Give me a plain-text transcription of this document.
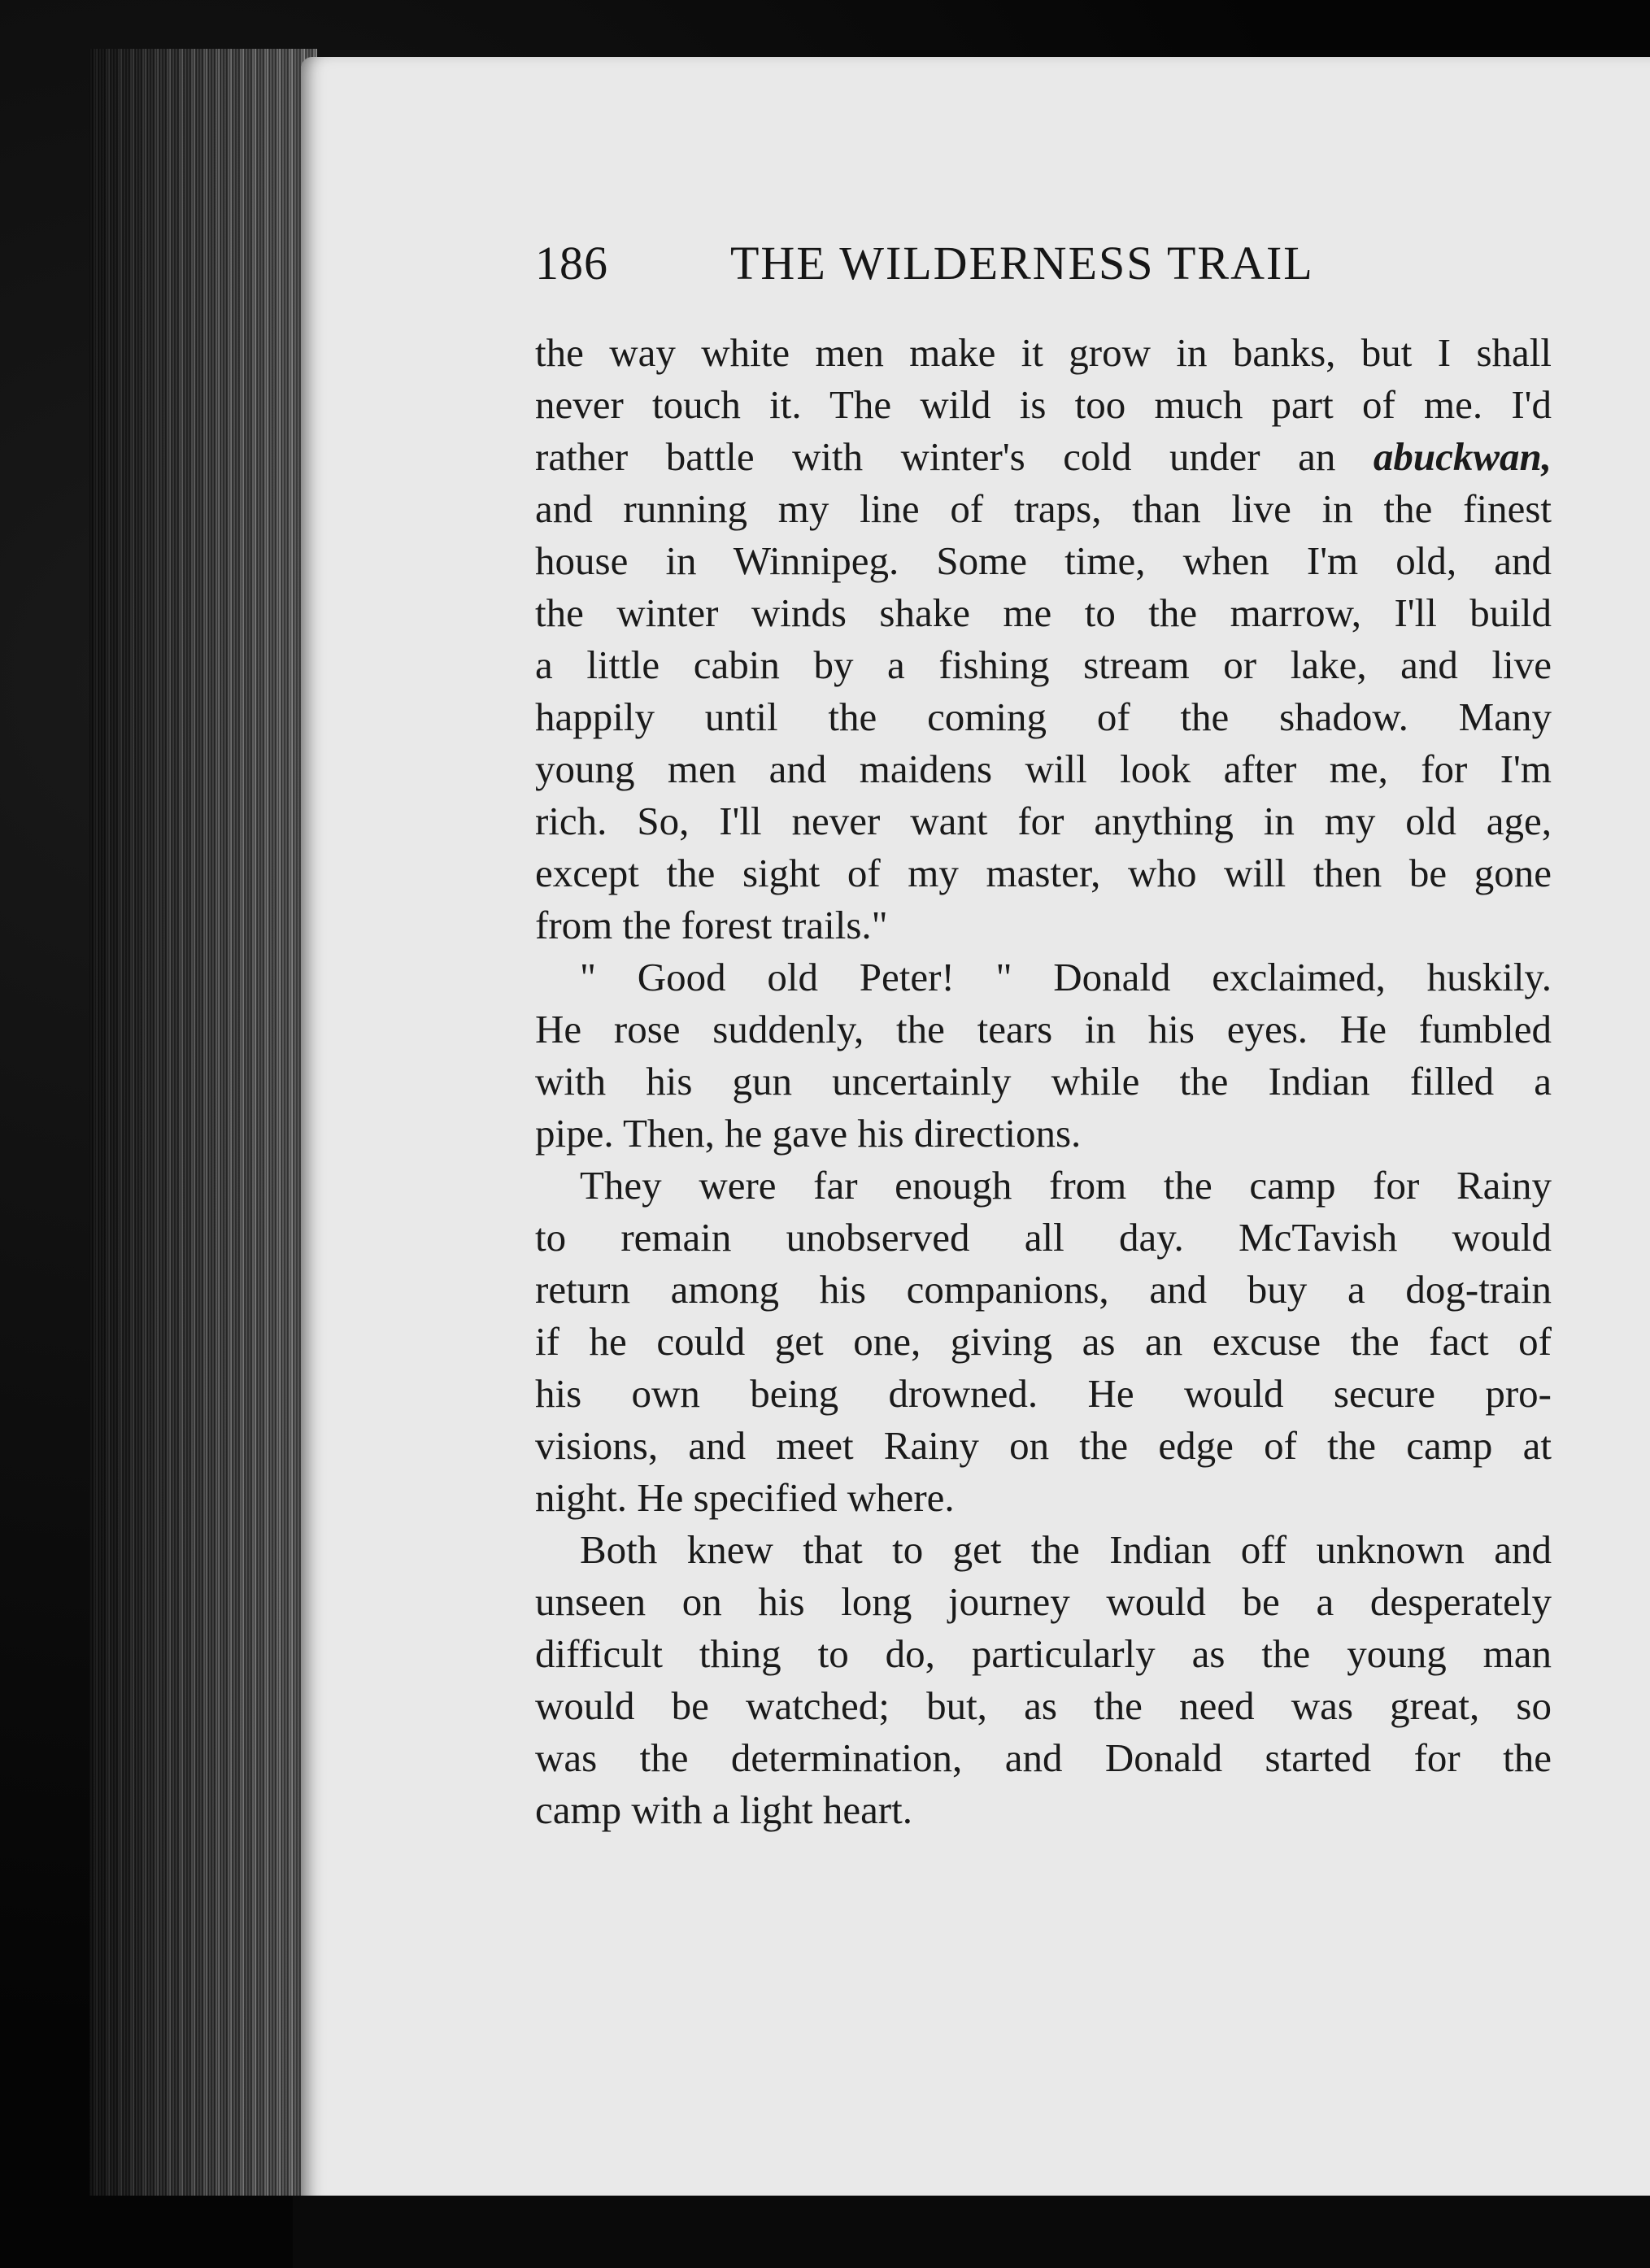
186	THE WILDERNESS TRAIL
the way white men make it grow in banks, but I shall
never touch it. The wild is too much part of me. I'd
rather battle with winter's cold under an abuckwan,
and running my line of traps, than live in the finest
house in Winnipeg. Some time, when I'm old, and
the winter winds shake me to the marrow, I'll build
a little cabin by a fishing stream or lake, and live
happily until the coming of the shadow. Many
young men and maidens will look after me, for I'm
rich. So, I'll never want for anything in my old age,
except the sight of my master, who will then be gone
from the forest trails."
" Good old Peter! " Donald exclaimed, huskily.
He rose suddenly, the tears in his eyes. He fumbled
with his gun uncertainly while the Indian filled a
pipe. Then, he gave his directions.
They were far enough from the camp for Rainy
to remain unobserved all day. McTavish would
return among his companions, and buy a dog-train
if he could get one, giving as an excuse the fact of
his own being drowned. He would secure pro-
visions, and meet Rainy on the edge of the camp at
night. He specified where.
Both knew that to get the Indian off unknown and
unseen on his long journey would be a desperately
difficult thing to do, particularly as the young man
would be watched; but, as the need was great, so
was the determination, and Donald started for the
camp with a light heart.
